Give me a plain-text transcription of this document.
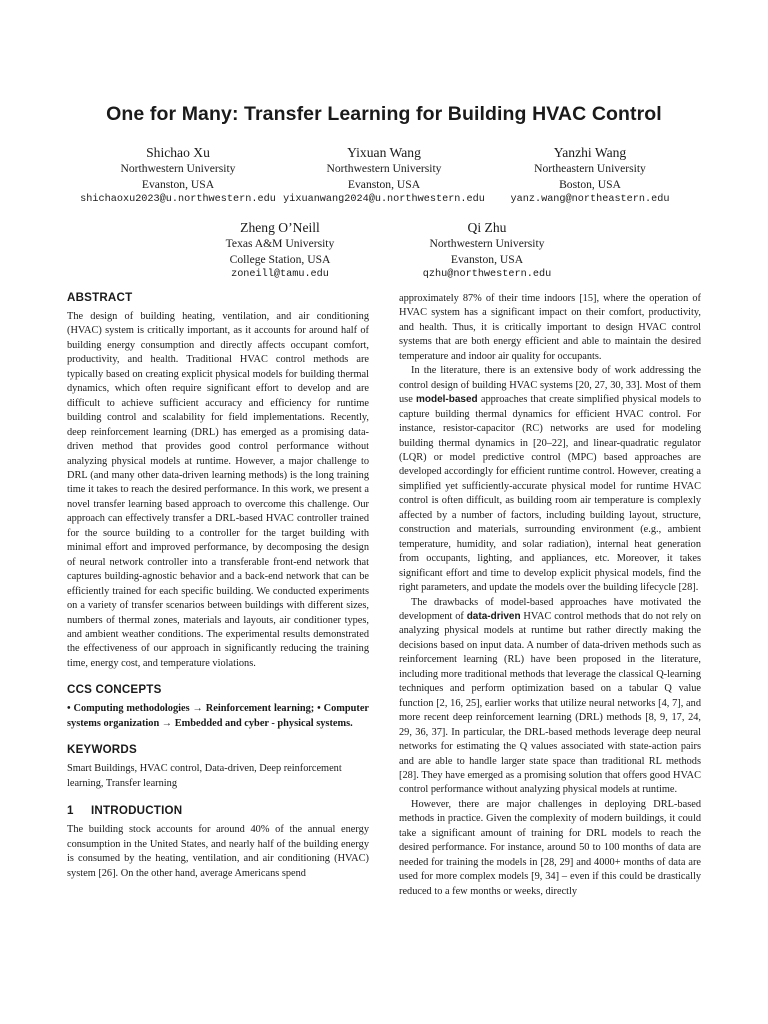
One for Many: Transfer Learning for Building HVAC Control
Shichao Xu
Northwestern University
Evanston, USA
shichaoxu2023@u.northwestern.edu
Yixuan Wang
Northwestern University
Evanston, USA
yixuanwang2024@u.northwestern.edu
Yanzhi Wang
Northeastern University
Boston, USA
yanz.wang@northeastern.edu
Zheng O’Neill
Texas A&M University
College Station, USA
zoneill@tamu.edu
Qi Zhu
Northwestern University
Evanston, USA
qzhu@northwestern.edu
ABSTRACT

The design of building heating, ventilation, and air conditioning (HVAC) system is critically important, as it accounts for around half of building energy consumption and directly affects occupant comfort, productivity, and health. Traditional HVAC control methods are typically based on creating explicit physical models for building thermal dynamics, which often require significant effort to develop and are difficult to achieve sufficient accuracy and efficiency for runtime building control and scalability for field implementations. Recently, deep reinforcement learning (DRL) has emerged as a promising data-driven method that provides good control performance without analyzing physical models at runtime. However, a major challenge to DRL (and many other data-driven learning methods) is the long training time it takes to reach the desired performance. In this work, we present a novel transfer learning based approach to overcome this challenge. Our approach can effectively transfer a DRL-based HVAC controller trained for the source building to a controller for the target building with minimal effort and improved performance, by decomposing the design of neural network controller into a transferable front-end network that captures building-agnostic behavior and a back-end network that can be efficiently trained for each specific building. We conducted experiments on a variety of transfer scenarios between buildings with different sizes, numbers of thermal zones, materials and layouts, air conditioner types, and ambient weather conditions. The experimental results demonstrated the effectiveness of our approach in significantly reducing the training time, energy cost, and temperature violations.

CCS CONCEPTS
• Computing methodologies → Reinforcement learning; • Computer systems organization → Embedded and cyber - physical systems.
KEYWORDS

Smart Buildings, HVAC control, Data-driven, Deep reinforcement learning, Transfer learning

1 INTRODUCTION

The building stock accounts for around 40% of the annual energy consumption in the United States, and nearly half of the building energy is consumed by the heating, ventilation, and air conditioning (HVAC) system [26]. On the other hand, average Americans spend

approximately 87% of their time indoors [15], where the operation of HVAC system has a significant impact on their comfort, productivity, and health. Thus, it is critically important to design HVAC control systems that are both energy efficient and able to maintain the desired temperature and indoor air quality for occupants.

In the literature, there is an extensive body of work addressing the control design of building HVAC systems [20, 27, 30, 33]. Most of them use model-based approaches that create simplified physical models to capture building thermal dynamics for efficient HVAC control. For instance, resistor-capacitor (RC) networks are used for modeling building thermal dynamics in [20–22], and linear-quadratic regulator (LQR) or model predictive control (MPC) based approaches are developed accordingly for efficient runtime control. However, creating a simplified yet sufficiently-accurate physical model for runtime HVAC control is often difficult, as building room air temperature is complexly affected by a number of factors, including building layout, structure, construction and materials, surrounding environment (e.g., ambient temperature, humidity, and solar radiation), internal heat generation from occupants, lighting, and appliances, etc. Moreover, it takes significant effort and time to develop explicit physical models, find the right parameters, and update the models over the building lifecycle [28].

The drawbacks of model-based approaches have motivated the development of data-driven HVAC control methods that do not rely on analyzing physical models at runtime but rather directly making the decisions based on input data. A number of data-driven methods such as reinforcement learning (RL) have been proposed in the literature, including more traditional methods that leverage the classical Q-learning techniques and perform optimization based on a tabular Q value function [2, 16, 25], earlier works that utilize neural networks [4, 7], and more recent deep reinforcement learning (DRL) methods [8, 9, 17, 24, 29, 36, 37]. In particular, the DRL-based methods leverage deep neural networks for estimating the Q values associated with state-action pairs and are able to handle larger state space than traditional RL methods [28]. They have emerged as a promising solution that offers good HVAC control performance without analyzing physical models at runtime.

However, there are major challenges in deploying DRL-based methods in practice. Given the complexity of modern buildings, it could take a significant amount of training for DRL models to reach the desired performance. For instance, around 50 to 100 months of data are needed for training the models in [28, 29] and 4000+ months of data are used for more complex models [9, 34] – even if this could be drastically reduced to a few months or weeks, directly
